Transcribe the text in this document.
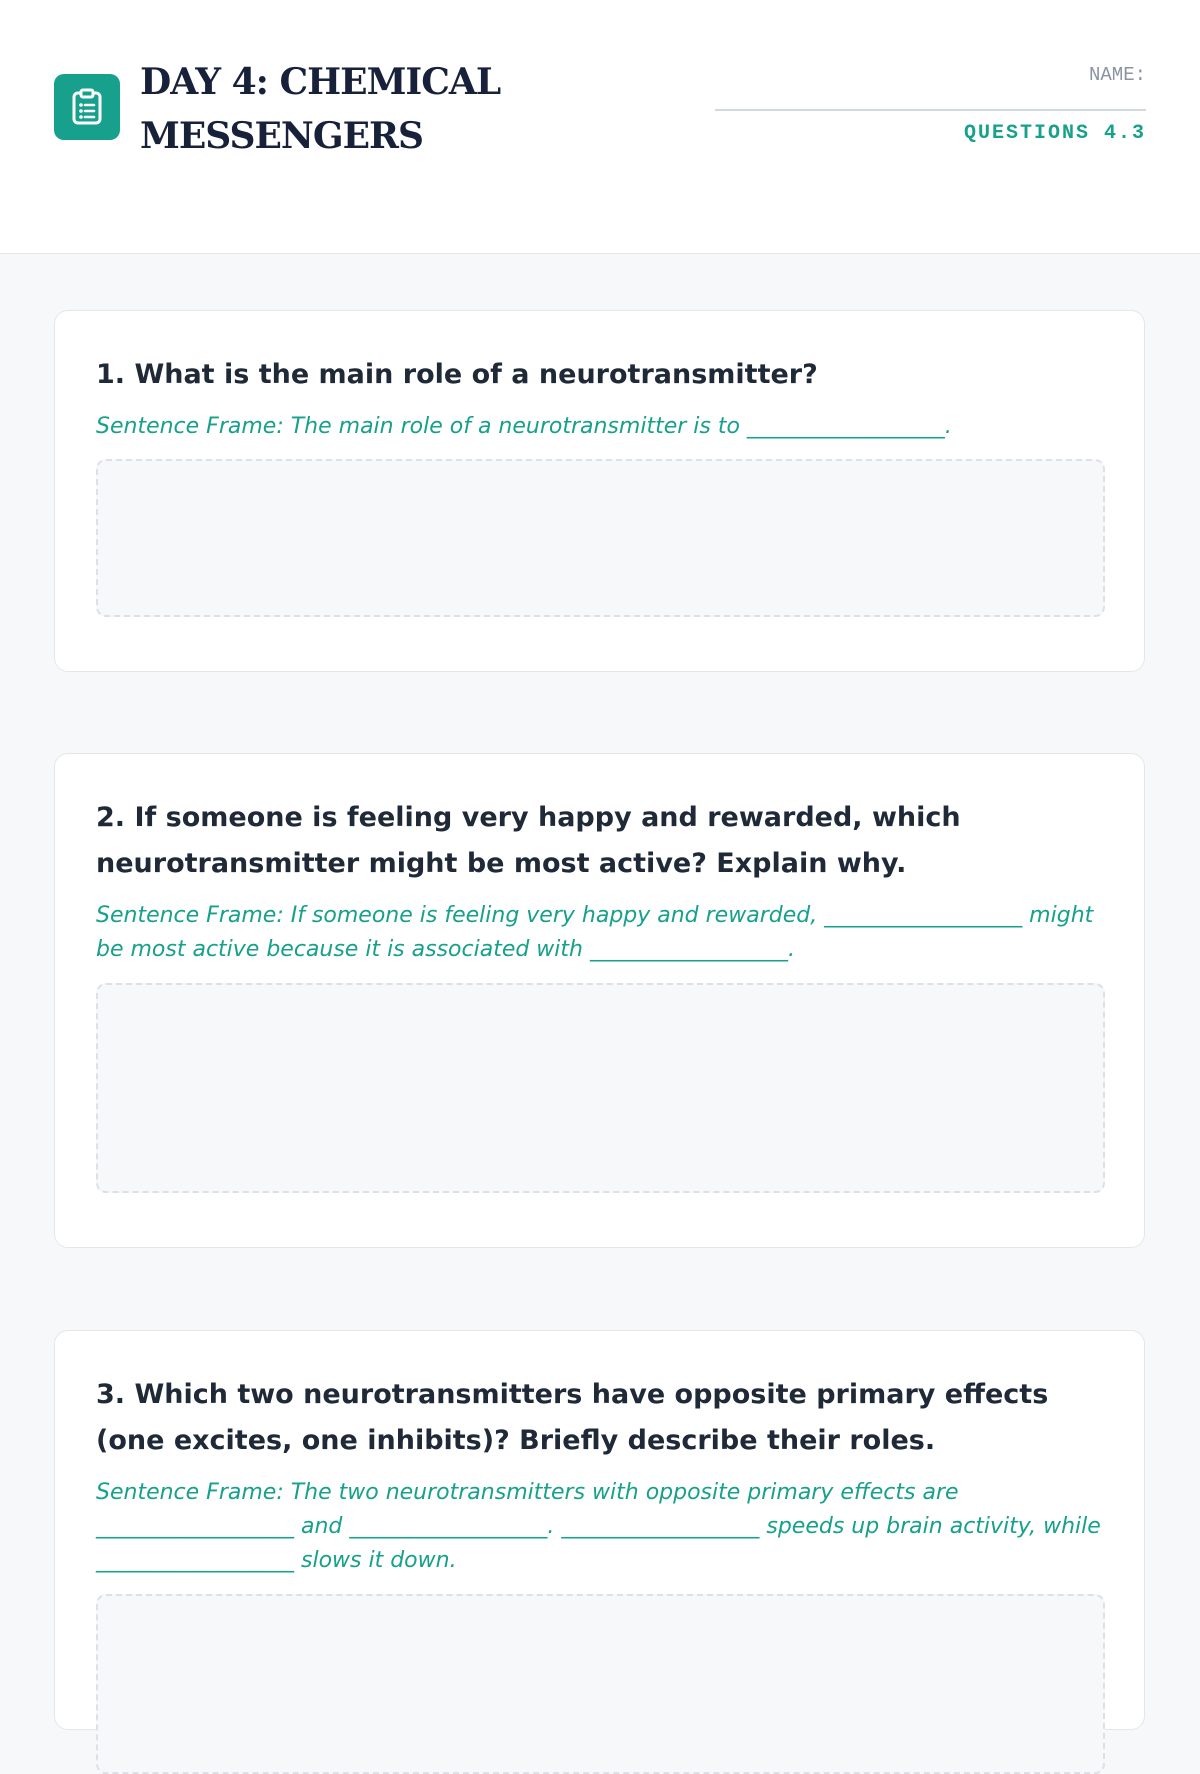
DAY 4: CHEMICAL MESSENGERS
NAME:
QUESTIONS 4.3

1. What is the main role of a neurotransmitter?

Sentence Frame: The main role of a neurotransmitter is to __________________.

2. If someone is feeling very happy and rewarded, which neurotransmitter might be most active? Explain why.

Sentence Frame: If someone is feeling very happy and rewarded, __________________ might be most active because it is associated with __________________.

3. Which two neurotransmitters have opposite primary effects (one excites, one inhibits)? Briefly describe their roles.

Sentence Frame: The two neurotransmitters with opposite primary effects are __________________ and __________________. __________________ speeds up brain activity, while __________________ slows it down.
